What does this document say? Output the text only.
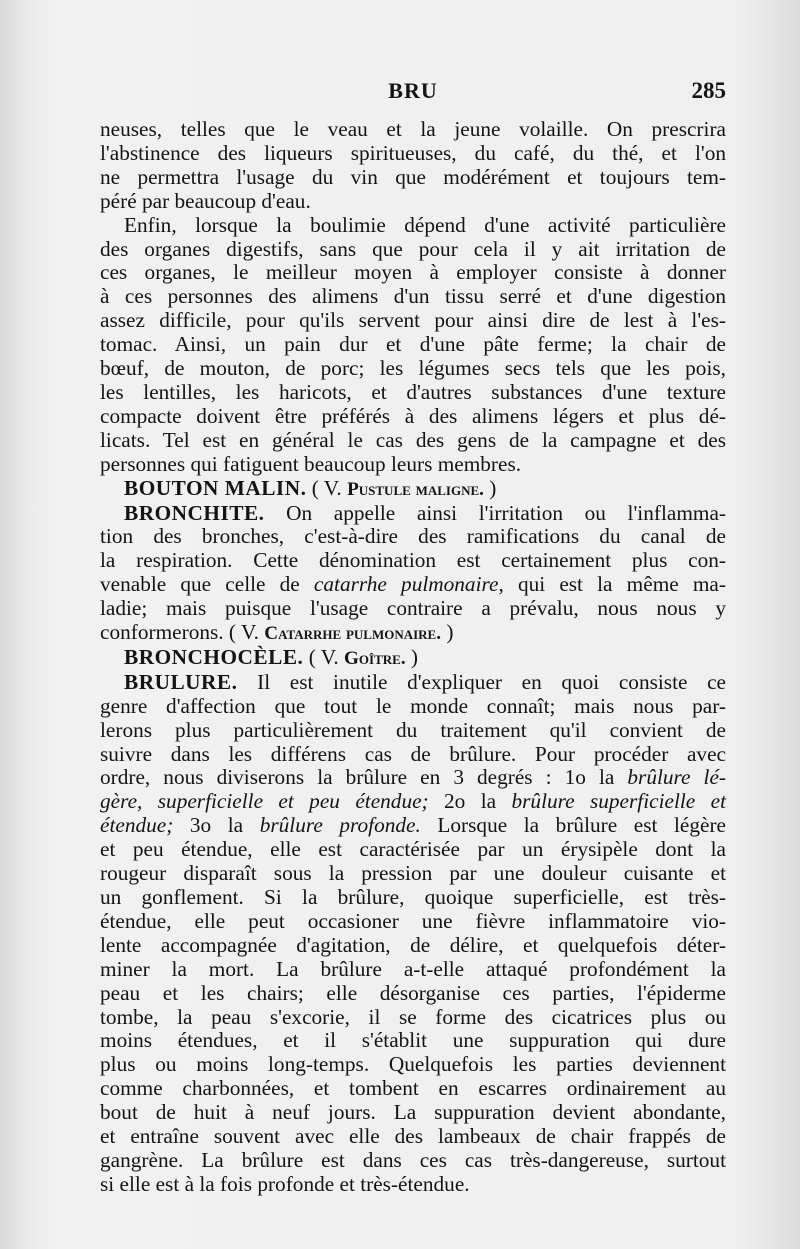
BRU	285

neuses, telles que le veau et la jeune volaille. On prescrira
l'abstinence des liqueurs spiritueuses, du café, du thé, et l'on
ne permettra l'usage du vin que modérément et toujours tem-
péré par beaucoup d'eau.

Enfin, lorsque la boulimie dépend d'une activité particulière
des organes digestifs, sans que pour cela il y ait irritation de
ces organes, le meilleur moyen à employer consiste à donner
à ces personnes des alimens d'un tissu serré et d'une digestion
assez difficile, pour qu'ils servent pour ainsi dire de lest à l'es-
tomac. Ainsi, un pain dur et d'une pâte ferme; la chair de
bœuf, de mouton, de porc; les légumes secs tels que les pois,
les lentilles, les haricots, et d'autres substances d'une texture
compacte doivent être préférés à des alimens légers et plus dé-
licats. Tel est en général le cas des gens de la campagne et des
personnes qui fatiguent beaucoup leurs membres.

BOUTON MALIN. ( V. Pustule maligne. )

BRONCHITE. On appelle ainsi l'irritation ou l'inflamma-
tion des bronches, c'est-à-dire des ramifications du canal de
la respiration. Cette dénomination est certainement plus con-
venable que celle de catarrhe pulmonaire, qui est la même ma-
ladie; mais puisque l'usage contraire a prévalu, nous nous y
conformerons. ( V. Catarrhe pulmonaire. )

BRONCHOCÈLE. ( V. Goître. )

BRULURE. Il est inutile d'expliquer en quoi consiste ce
genre d'affection que tout le monde connaît; mais nous par-
lerons plus particulièrement du traitement qu'il convient de
suivre dans les différens cas de brûlure. Pour procéder avec
ordre, nous diviserons la brûlure en 3 degrés : 1o la brûlure lé-
gère, superficielle et peu étendue; 2o la brûlure superficielle et
étendue; 3o la brûlure profonde. Lorsque la brûlure est légère
et peu étendue, elle est caractérisée par un érysipèle dont la
rougeur disparaît sous la pression par une douleur cuisante et
un gonflement. Si la brûlure, quoique superficielle, est très-
étendue, elle peut occasioner une fièvre inflammatoire vio-
lente accompagnée d'agitation, de délire, et quelquefois déter-
miner la mort. La brûlure a-t-elle attaqué profondément la
peau et les chairs; elle désorganise ces parties, l'épiderme
tombe, la peau s'excorie, il se forme des cicatrices plus ou
moins étendues, et il s'établit une suppuration qui dure
plus ou moins long-temps. Quelquefois les parties deviennent
comme charbonnées, et tombent en escarres ordinairement au
bout de huit à neuf jours. La suppuration devient abondante,
et entraîne souvent avec elle des lambeaux de chair frappés de
gangrène. La brûlure est dans ces cas très-dangereuse, surtout
si elle est à la fois profonde et très-étendue.
